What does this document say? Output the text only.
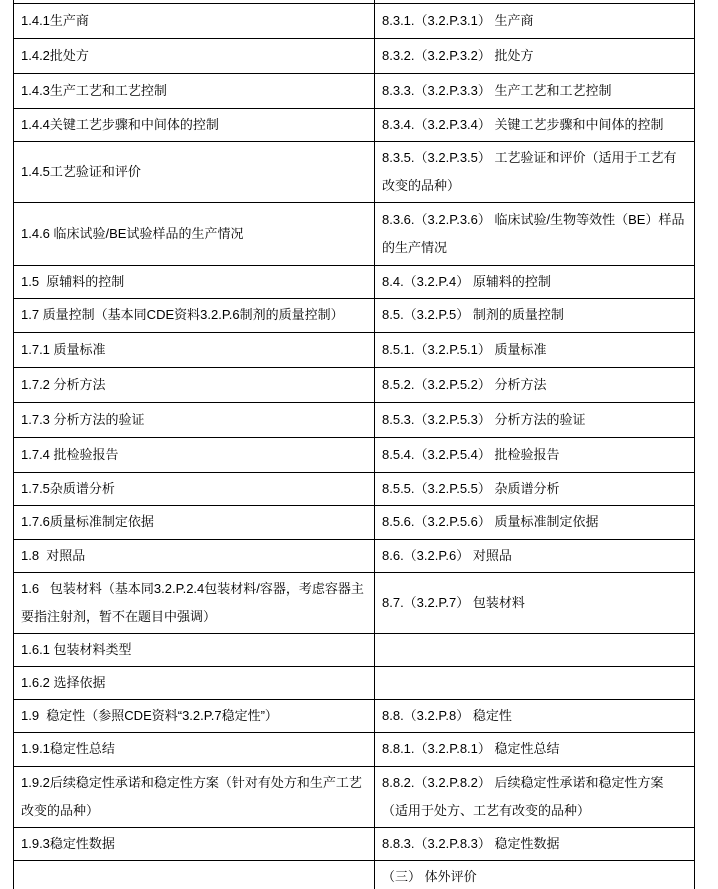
1.4.1生产商	8.3.1.（3.2.P.3.1） 生产商
1.4.2批处方	8.3.2.（3.2.P.3.2） 批处方
1.4.3生产工艺和工艺控制	8.3.3.（3.2.P.3.3） 生产工艺和工艺控制
1.4.4关键工艺步骤和中间体的控制	8.3.4.（3.2.P.3.4） 关键工艺步骤和中间体的控制
1.4.5工艺验证和评价	8.3.5.（3.2.P.3.5） 工艺验证和评价（适用于工艺有改变的品种）
1.4.6 临床试验/BE试验样品的生产情况	8.3.6.（3.2.P.3.6） 临床试验/生物等效性（BE）样品的生产情况
1.5  原辅料的控制	8.4.（3.2.P.4） 原辅料的控制
1.7 质量控制（基本同CDE资料3.2.P.6制剂的质量控制）	8.5.（3.2.P.5） 制剂的质量控制
1.7.1 质量标准	8.5.1.（3.2.P.5.1） 质量标准
1.7.2 分析方法	8.5.2.（3.2.P.5.2） 分析方法
1.7.3 分析方法的验证	8.5.3.（3.2.P.5.3） 分析方法的验证
1.7.4 批检验报告	8.5.4.（3.2.P.5.4） 批检验报告
1.7.5杂质谱分析	8.5.5.（3.2.P.5.5） 杂质谱分析
1.7.6质量标准制定依据	8.5.6.（3.2.P.5.6） 质量标准制定依据
1.8  对照品	8.6.（3.2.P.6） 对照品
1.6   包装材料（基本同3.2.P.2.4包装材料/容器，考虑容器主要指注射剂，暂不在题目中强调）	8.7.（3.2.P.7） 包装材料
1.6.1 包装材料类型	
1.6.2 选择依据	
1.9  稳定性（参照CDE资料“3.2.P.7稳定性”）	8.8.（3.2.P.8） 稳定性
1.9.1稳定性总结	8.8.1.（3.2.P.8.1） 稳定性总结
1.9.2后续稳定性承诺和稳定性方案（针对有处方和生产工艺改变的品种）	8.8.2.（3.2.P.8.2） 后续稳定性承诺和稳定性方案（适用于处方、工艺有改变的品种）
1.9.3稳定性数据	8.8.3.（3.2.P.8.3） 稳定性数据
	（三） 体外评价
